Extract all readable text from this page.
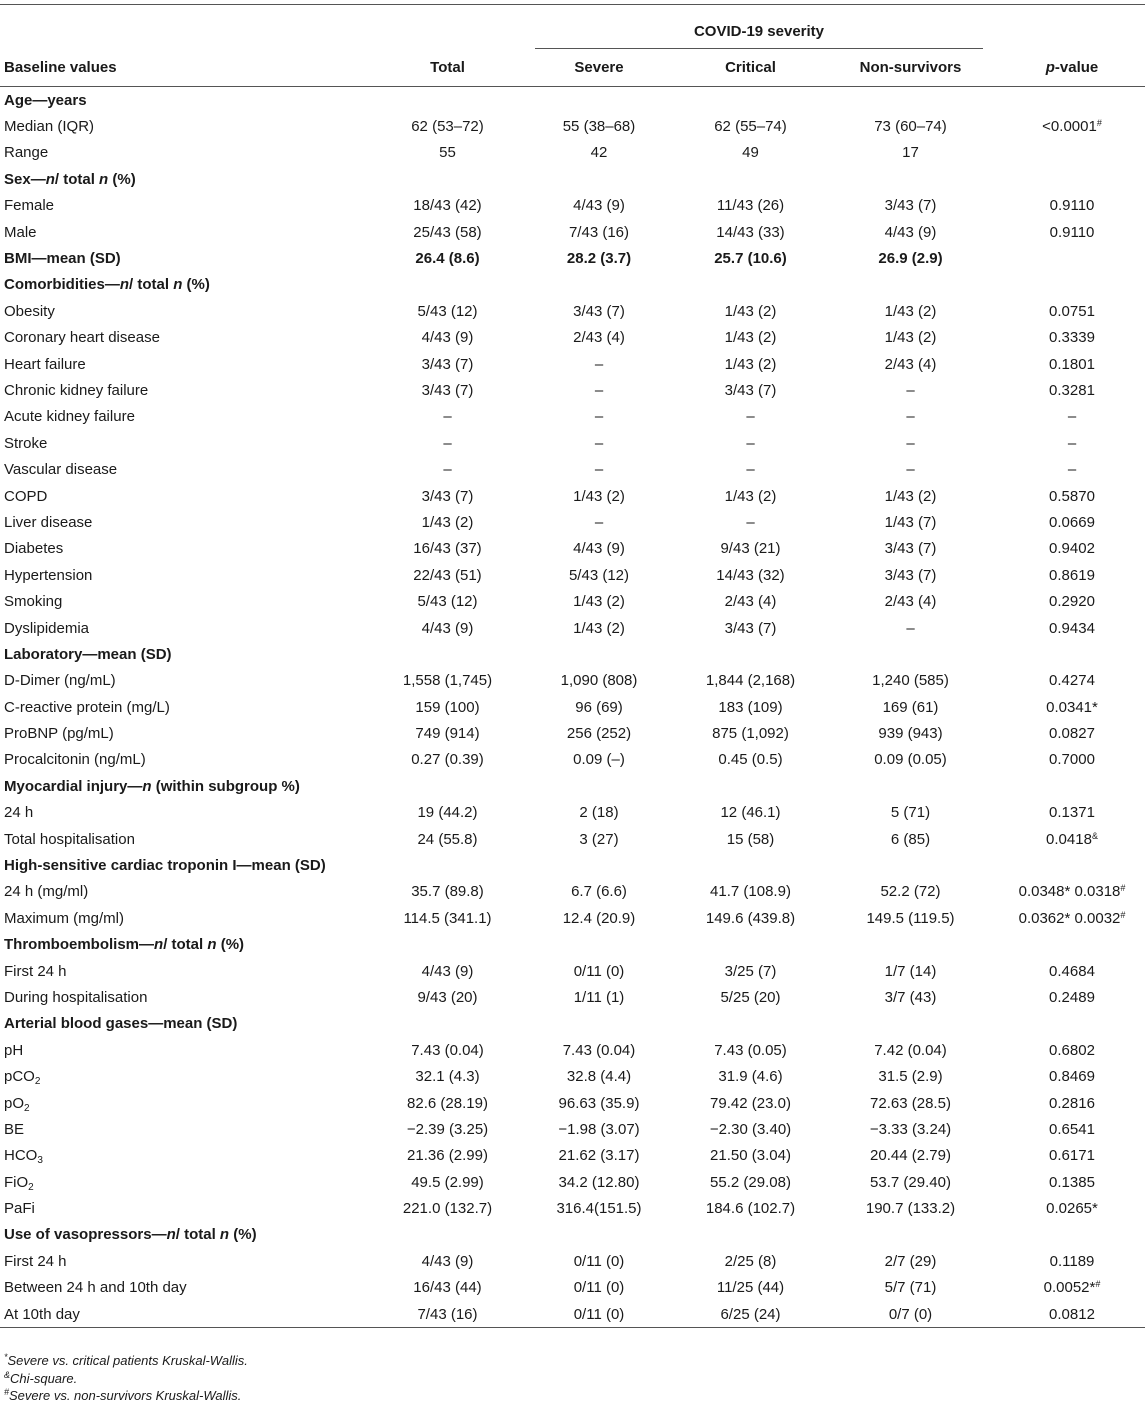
		COVID-19 severity			
Baseline values	Total	Severe	Critical	Non-survivors	p-value
Age—years					
Median (IQR)	62 (53–72)	55 (38–68)	62 (55–74)	73 (60–74)	<0.0001#
Range	55	42	49	17	
Sex—n/ total n (%)					
Female	18/43 (42)	4/43 (9)	11/43 (26)	3/43 (7)	0.9110
Male	25/43 (58)	7/43 (16)	14/43 (33)	4/43 (9)	0.9110
BMI—mean (SD)	26.4 (8.6)	28.2 (3.7)	25.7 (10.6)	26.9 (2.9)	
Comorbidities—n/ total n (%)					
Obesity	5/43 (12)	3/43 (7)	1/43 (2)	1/43 (2)	0.0751
Coronary heart disease	4/43 (9)	2/43 (4)	1/43 (2)	1/43 (2)	0.3339
Heart failure	3/43 (7)	–	1/43 (2)	2/43 (4)	0.1801
Chronic kidney failure	3/43 (7)	–	3/43 (7)	–	0.3281
Acute kidney failure	–	–	–	–	–
Stroke	–	–	–	–	–
Vascular disease	–	–	–	–	–
COPD	3/43 (7)	1/43 (2)	1/43 (2)	1/43 (2)	0.5870
Liver disease	1/43 (2)	–	–	1/43 (7)	0.0669
Diabetes	16/43 (37)	4/43 (9)	9/43 (21)	3/43 (7)	0.9402
Hypertension	22/43 (51)	5/43 (12)	14/43 (32)	3/43 (7)	0.8619
Smoking	5/43 (12)	1/43 (2)	2/43 (4)	2/43 (4)	0.2920
Dyslipidemia	4/43 (9)	1/43 (2)	3/43 (7)	–	0.9434
Laboratory—mean (SD)					
D-Dimer (ng/mL)	1,558 (1,745)	1,090 (808)	1,844 (2,168)	1,240 (585)	0.4274
C-reactive protein (mg/L)	159 (100)	96 (69)	183 (109)	169 (61)	0.0341*
ProBNP (pg/mL)	749 (914)	256 (252)	875 (1,092)	939 (943)	0.0827
Procalcitonin (ng/mL)	0.27 (0.39)	0.09 (–)	0.45 (0.5)	0.09 (0.05)	0.7000
Myocardial injury—n (within subgroup %)					
24 h	19 (44.2)	2 (18)	12 (46.1)	5 (71)	0.1371
Total hospitalisation	24 (55.8)	3 (27)	15 (58)	6 (85)	0.0418&
High-sensitive cardiac troponin I—mean (SD)					
24 h (mg/ml)	35.7 (89.8)	6.7 (6.6)	41.7 (108.9)	52.2 (72)	0.0348* 0.0318#
Maximum (mg/ml)	114.5 (341.1)	12.4 (20.9)	149.6 (439.8)	149.5 (119.5)	0.0362* 0.0032#
Thromboembolism—n/ total n (%)					
First 24 h	4/43 (9)	0/11 (0)	3/25 (7)	1/7 (14)	0.4684
During hospitalisation	9/43 (20)	1/11 (1)	5/25 (20)	3/7 (43)	0.2489
Arterial blood gases—mean (SD)					
pH	7.43 (0.04)	7.43 (0.04)	7.43 (0.05)	7.42 (0.04)	0.6802
pCO$_2$	32.1 (4.3)	32.8 (4.4)	31.9 (4.6)	31.5 (2.9)	0.8469
$pO_2$	82.6 (28.19)	96.63 (35.9)	79.42 (23.0)	72.63 (28.5)	0.2816
BE	−2.39 (3.25)	−1.98 (3.07)	−2.30 (3.40)	−3.33 (3.24)	0.6541
$HCO_3$	21.36 (2.99)	21.62 (3.17)	21.50 (3.04)	20.44 (2.79)	0.6171
FiO$_2$	49.5 (2.99)	34.2 (12.80)	55.2 (29.08)	53.7 (29.40)	0.1385
PaFi	221.0 (132.7)	316.4(151.5)	184.6 (102.7)	190.7 (133.2)	0.0265*
Use of vasopressors—n/ total n (%)					
First 24 h	4/43 (9)	0/11 (0)	2/25 (8)	2/7 (29)	0.1189
Between 24 h and 10th day	16/43 (44)	0/11 (0)	11/25 (44)	5/7 (71)	0.0052*#
At 10th day	7/43 (16)	0/11 (0)	6/25 (24)	0/7 (0)	0.0812
*Severe vs. critical patients Kruskal-Wallis.
&Chi-square.
#Severe vs. non-survivors Kruskal-Wallis.
